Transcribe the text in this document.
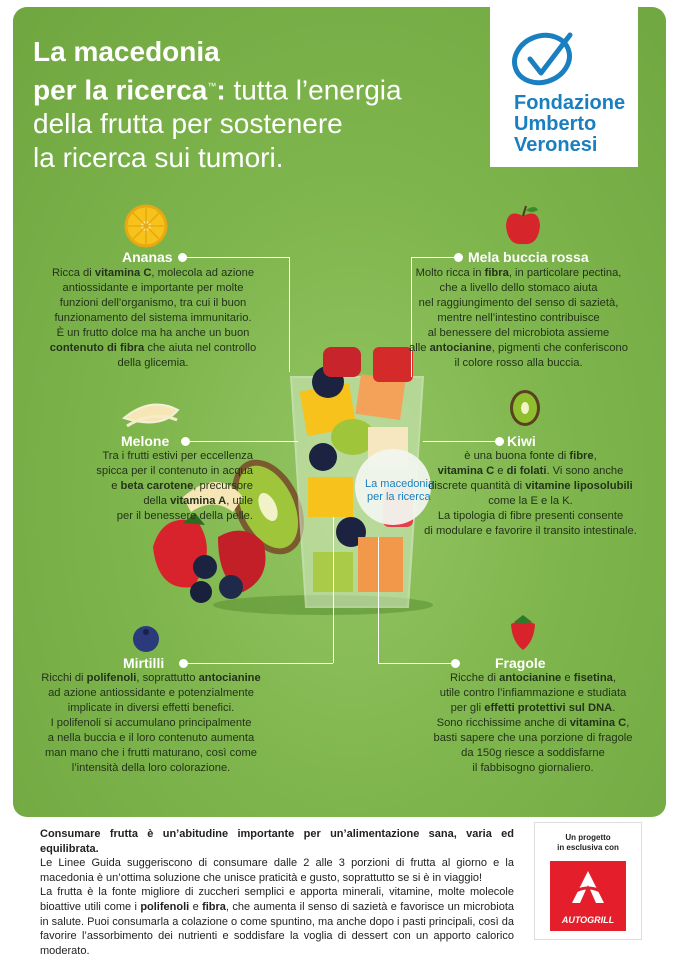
La macedonia
per la ricerca™: tutta l’energia
della frutta per sostenere
la ricerca sui tumori.
Fondazione
Umberto
Veronesi
La macedonia
per la ricerca
Ananas
Ricca di vitamina C, molecola ad azione
antiossidante e importante per molte
funzioni dell’organismo, tra cui il buon
funzionamento del sistema immunitario.
È un frutto dolce ma ha anche un buon
contenuto di fibra che aiuta nel controllo
della glicemia.
Mela buccia rossa
Molto ricca in fibra, in particolare pectina,
che a livello dello stomaco aiuta
nel raggiungimento del senso di sazietà,
mentre nell’intestino contribuisce
al benessere del microbiota assieme
alle antocianine, pigmenti che conferiscono
il colore rosso alla buccia.
Melone
Tra i frutti estivi per eccellenza
spicca per il contenuto in acqua
e beta carotene, precursore
della vitamina A, utile
per il benessere della pelle.
Kiwi
è una buona fonte di fibre,
vitamina C e di folati. Vi sono anche
discrete quantità di vitamine liposolubili
come la E e la K.
La tipologia di fibre presenti consente
di modulare e favorire il transito intestinale.
Mirtilli
Ricchi di polifenoli, soprattutto antocianine
ad azione antiossidante e potenzialmente
implicate in diversi effetti benefici.
I polifenoli si accumulano principalmente
a nella buccia e il loro contenuto aumenta
man mano che i frutti maturano, così come
l’intensità della loro colorazione.
Fragole
Ricche di antocianine e fisetina,
utile contro l’infiammazione e studiata
per gli effetti protettivi sul DNA.
Sono ricchissime anche di vitamina C,
basti sapere che una porzione di fragole
da 150g riesce a soddisfarne
il fabbisogno giornaliero.
Consumare frutta è un’abitudine importante per un’alimentazione sana, varia ed equilibrata.
Le Linee Guida suggeriscono di consumare dalle 2 alle 3 porzioni di frutta al giorno e la macedonia è un’ottima soluzione che unisce praticità e gusto, soprattutto se si è in viaggio!
La frutta è la fonte migliore di zuccheri semplici e apporta minerali, vitamine, molte molecole bioattive utili come i polifenoli e fibra, che aumenta il senso di sazietà e favorisce un microbiota in salute. Puoi consumarla a colazione o come spuntino, ma anche dopo i pasti principali, così da favorire l’assorbimento dei nutrienti e soddisfare la voglia di dessert con un apporto calorico moderato.
Un progetto
in esclusiva con
AUTOGRILL
